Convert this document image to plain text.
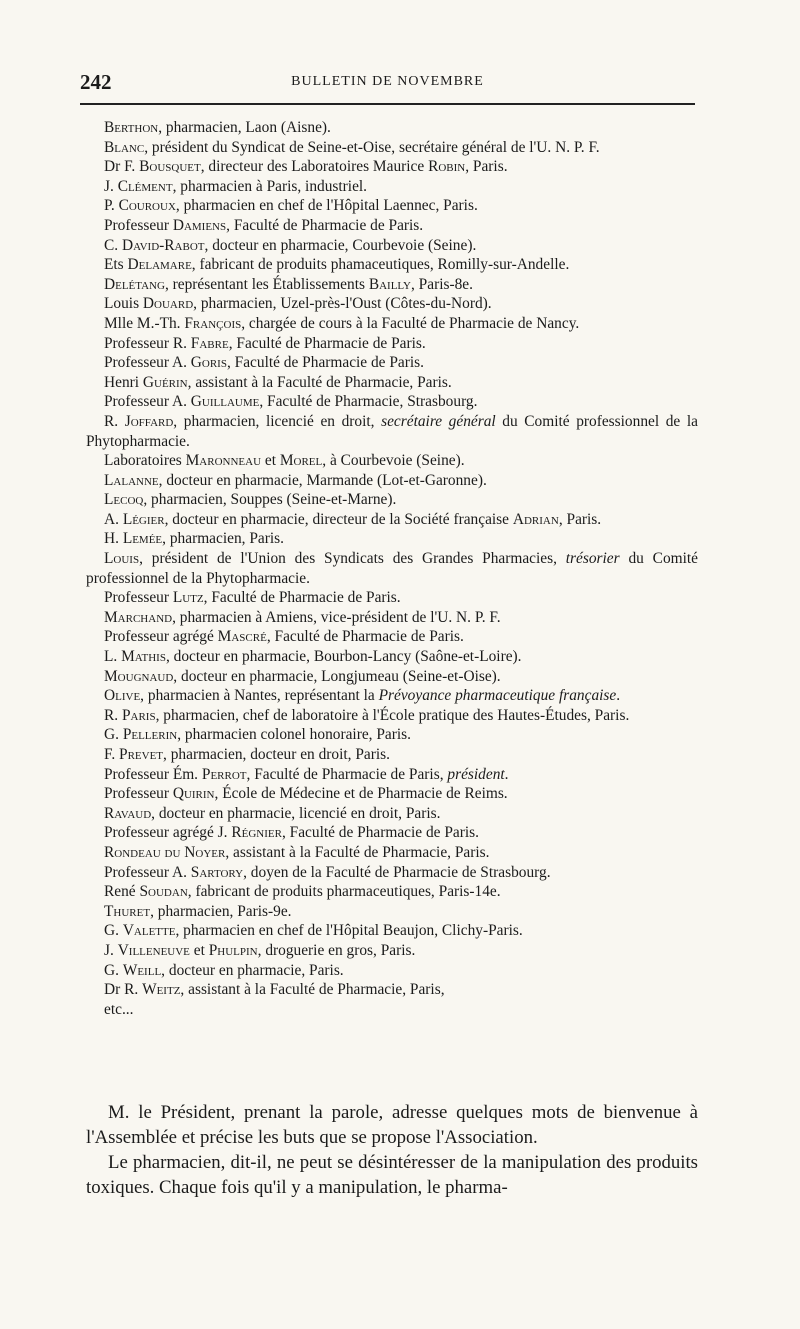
242	BULLETIN DE NOVEMBRE
Berthon, pharmacien, Laon (Aisne).
Blanc, président du Syndicat de Seine-et-Oise, secrétaire général de l'U. N. P. F.
Dr F. Bousquet, directeur des Laboratoires Maurice Robin, Paris.
J. Clément, pharmacien à Paris, industriel.
P. Couroux, pharmacien en chef de l'Hôpital Laennec, Paris.
Professeur Damiens, Faculté de Pharmacie de Paris.
C. David-Rabot, docteur en pharmacie, Courbevoie (Seine).
Ets Delamare, fabricant de produits phamaceutiques, Romilly-sur-Andelle.
Delétang, représentant les Établissements Bailly, Paris-8e.
Louis Douard, pharmacien, Uzel-près-l'Oust (Côtes-du-Nord).
Mlle M.-Th. François, chargée de cours à la Faculté de Pharmacie de Nancy.
Professeur R. Fabre, Faculté de Pharmacie de Paris.
Professeur A. Goris, Faculté de Pharmacie de Paris.
Henri Guérin, assistant à la Faculté de Pharmacie, Paris.
Professeur A. Guillaume, Faculté de Pharmacie, Strasbourg.
R. Joffard, pharmacien, licencié en droit, secrétaire général du Comité professionnel de la Phytopharmacie.
Laboratoires Maronneau et Morel, à Courbevoie (Seine).
Lalanne, docteur en pharmacie, Marmande (Lot-et-Garonne).
Lecoq, pharmacien, Souppes (Seine-et-Marne).
A. Légier, docteur en pharmacie, directeur de la Société française Adrian, Paris.
H. Lemée, pharmacien, Paris.
Louis, président de l'Union des Syndicats des Grandes Pharmacies, trésorier du Comité professionnel de la Phytopharmacie.
Professeur Lutz, Faculté de Pharmacie de Paris.
Marchand, pharmacien à Amiens, vice-président de l'U. N. P. F.
Professeur agrégé Mascré, Faculté de Pharmacie de Paris.
L. Mathis, docteur en pharmacie, Bourbon-Lancy (Saône-et-Loire).
Mougnaud, docteur en pharmacie, Longjumeau (Seine-et-Oise).
Olive, pharmacien à Nantes, représentant la Prévoyance pharmaceutique française.
R. Paris, pharmacien, chef de laboratoire à l'École pratique des Hautes-Études, Paris.
G. Pellerin, pharmacien colonel honoraire, Paris.
F. Prevet, pharmacien, docteur en droit, Paris.
Professeur Ém. Perrot, Faculté de Pharmacie de Paris, président.
Professeur Quirin, École de Médecine et de Pharmacie de Reims.
Ravaud, docteur en pharmacie, licencié en droit, Paris.
Professeur agrégé J. Régnier, Faculté de Pharmacie de Paris.
Rondeau du Noyer, assistant à la Faculté de Pharmacie, Paris.
Professeur A. Sartory, doyen de la Faculté de Pharmacie de Strasbourg.
René Soudan, fabricant de produits pharmaceutiques, Paris-14e.
Thuret, pharmacien, Paris-9e.
G. Valette, pharmacien en chef de l'Hôpital Beaujon, Clichy-Paris.
J. Villeneuve et Phulpin, droguerie en gros, Paris.
G. Weill, docteur en pharmacie, Paris.
Dr R. Weitz, assistant à la Faculté de Pharmacie, Paris,
etc...
M. le Président, prenant la parole, adresse quelques mots de bienvenue à l'Assemblée et précise les buts que se propose l'Association.
Le pharmacien, dit-il, ne peut se désintéresser de la manipulation des produits toxiques. Chaque fois qu'il y a manipulation, le pharma-
